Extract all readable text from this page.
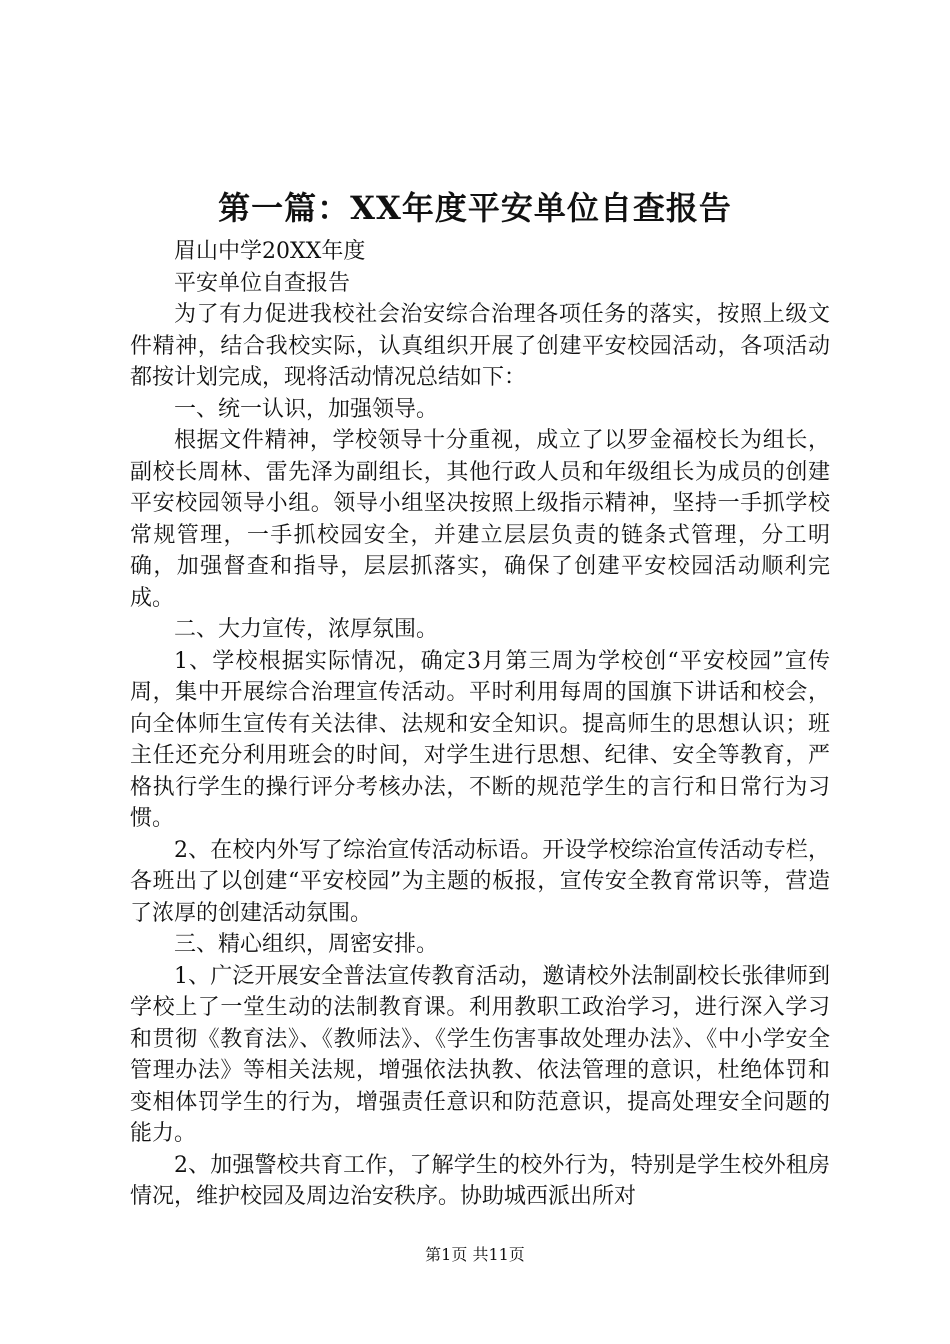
第一篇：XX年度平安单位自查报告

眉山中学20XX年度

平安单位自查报告

为了有力促进我校社会治安综合治理各项任务的落实，按照上级文件精神，结合我校实际，认真组织开展了创建平安校园活动，各项活动都按计划完成，现将活动情况总结如下：

一、统一认识，加强领导。

根据文件精神，学校领导十分重视，成立了以罗金福校长为组长，副校长周林、雷先泽为副组长，其他行政人员和年级组长为成员的创建平安校园领导小组。领导小组坚决按照上级指示精神，坚持一手抓学校常规管理，一手抓校园安全，并建立层层负责的链条式管理，分工明确，加强督查和指导，层层抓落实，确保了创建平安校园活动顺利完成。

二、大力宣传，浓厚氛围。

1、学校根据实际情况，确定3月第三周为学校创“平安校园”宣传周，集中开展综合治理宣传活动。平时利用每周的国旗下讲话和校会，向全体师生宣传有关法律、法规和安全知识。提高师生的思想认识；班主任还充分利用班会的时间，对学生进行思想、纪律、安全等教育，严格执行学生的操行评分考核办法，不断的规范学生的言行和日常行为习惯。

2、在校内外写了综治宣传活动标语。开设学校综治宣传活动专栏，各班出了以创建“平安校园”为主题的板报，宣传安全教育常识等，营造了浓厚的创建活动氛围。

三、精心组织，周密安排。

1、广泛开展安全普法宣传教育活动，邀请校外法制副校长张律师到学校上了一堂生动的法制教育课。利用教职工政治学习，进行深入学习和贯彻《教育法》、《教师法》、《学生伤害事故处理办法》、《中小学安全管理办法》等相关法规，增强依法执教、依法管理的意识，杜绝体罚和变相体罚学生的行为，增强责任意识和防范意识，提高处理安全问题的能力。

2、加强警校共育工作，了解学生的校外行为，特别是学生校外租房情况，维护校园及周边治安秩序。协助城西派出所对

第1页 共11页
